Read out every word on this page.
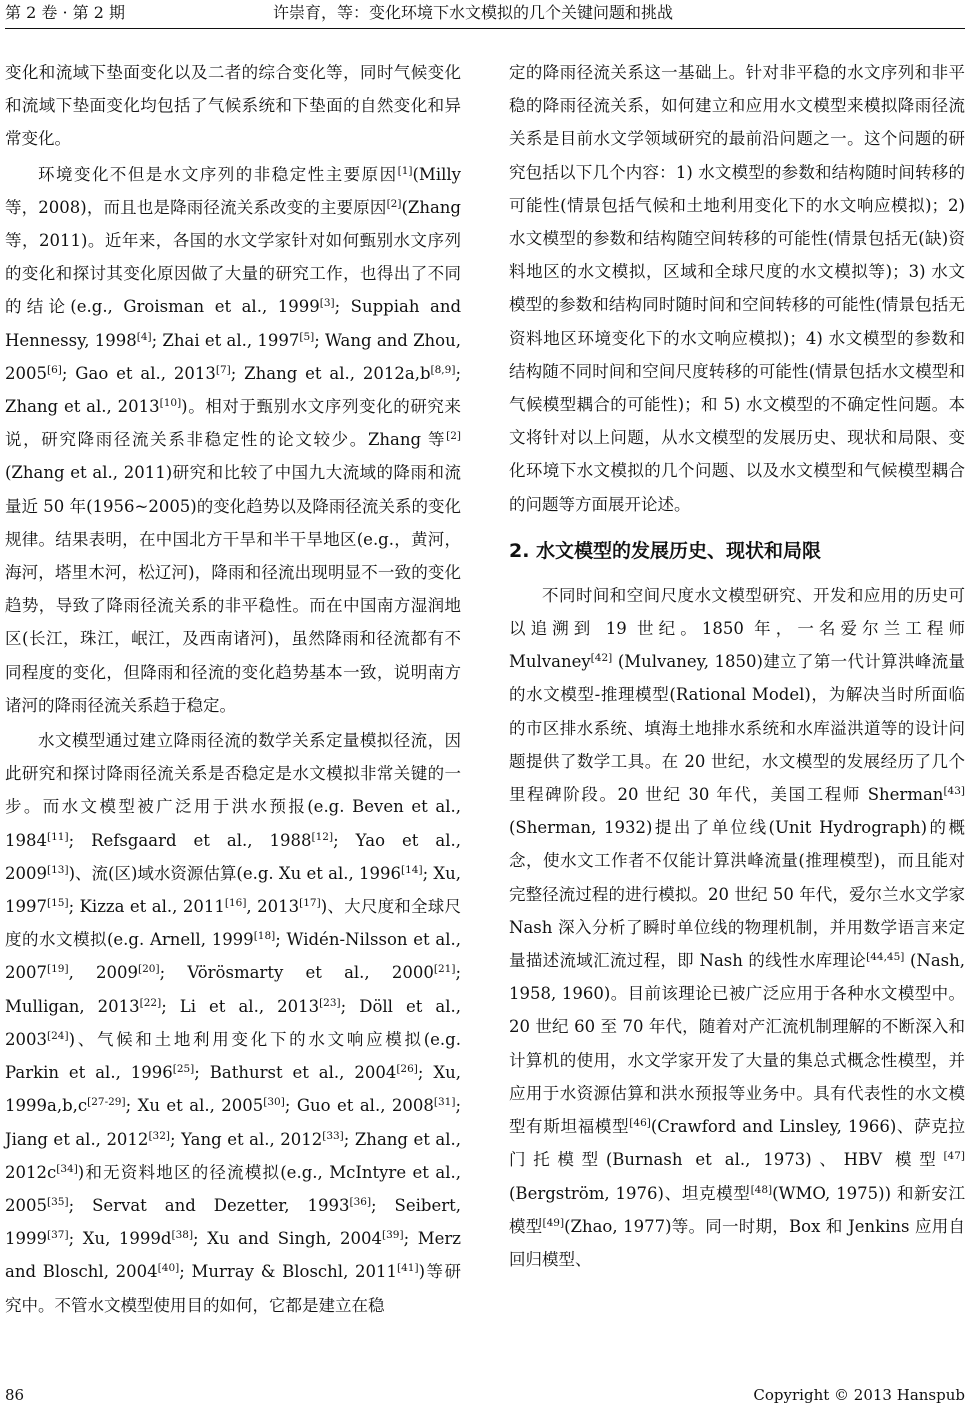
第 2 卷 · 第 2 期	许崇育，等：变化环境下水文模拟的几个关键问题和挑战

变化和流域下垫面变化以及二者的综合变化等，同时气候变化和流域下垫面变化均包括了气候系统和下垫面的自然变化和异常变化。

环境变化不但是水文序列的非稳定性主要原因[1](Milly 等，2008)，而且也是降雨径流关系改变的主要原因[2](Zhang 等，2011)。近年来，各国的水文学家针对如何甄别水文序列的变化和探讨其变化原因做了大量的研究工作，也得出了不同的结论(e.g., Groisman et al., 1999[3]; Suppiah and Hennessy, 1998[4]; Zhai et al., 1997[5]; Wang and Zhou, 2005[6]; Gao et al., 2013[7]; Zhang et al., 2012a,b[8,9]; Zhang et al., 2013[10])。相对于甄别水文序列变化的研究来说，研究降雨径流关系非稳定性的论文较少。Zhang 等[2](Zhang et al., 2011)研究和比较了中国九大流域的降雨和流量近 50 年(1956~2005)的变化趋势以及降雨径流关系的变化规律。结果表明，在中国北方干旱和半干旱地区(e.g.，黄河，海河，塔里木河，松辽河)，降雨和径流出现明显不一致的变化趋势，导致了降雨径流关系的非平稳性。而在中国南方湿润地区(长江，珠江，岷江，及西南诸河)，虽然降雨和径流都有不同程度的变化，但降雨和径流的变化趋势基本一致，说明南方诸河的降雨径流关系趋于稳定。

水文模型通过建立降雨径流的数学关系定量模拟径流，因此研究和探讨降雨径流关系是否稳定是水文模拟非常关键的一步。而水文模型被广泛用于洪水预报(e.g. Beven et al., 1984[11]; Refsgaard et al., 1988[12]; Yao et al., 2009[13])、流(区)域水资源估算(e.g. Xu et al., 1996[14]; Xu, 1997[15]; Kizza et al., 2011[16], 2013[17])、大尺度和全球尺度的水文模拟(e.g. Arnell, 1999[18]; Widén-Nilsson et al., 2007[19], 2009[20]; Vörösmarty et al., 2000[21]; Mulligan, 2013[22]; Li et al., 2013[23]; Döll et al., 2003[24])、气候和土地利用变化下的水文响应模拟(e.g. Parkin et al., 1996[25]; Bathurst et al., 2004[26]; Xu, 1999a,b,c[27-29]; Xu et al., 2005[30]; Guo et al., 2008[31]; Jiang et al., 2012[32]; Yang et al., 2012[33]; Zhang et al., 2012c[34])和无资料地区的径流模拟(e.g., McIntyre et al., 2005[35]; Servat and Dezetter, 1993[36]; Seibert, 1999[37]; Xu, 1999d[38]; Xu and Singh, 2004[39]; Merz and Bloschl, 2004[40]; Murray & Bloschl, 2011[41])等研究中。不管水文模型使用目的如何，它都是建立在稳

定的降雨径流关系这一基础上。针对非平稳的水文序列和非平稳的降雨径流关系，如何建立和应用水文模型来模拟降雨径流关系是目前水文学领域研究的最前沿问题之一。这个问题的研究包括以下几个内容：1) 水文模型的参数和结构随时间转移的可能性(情景包括气候和土地利用变化下的水文响应模拟)；2) 水文模型的参数和结构随空间转移的可能性(情景包括无(缺)资料地区的水文模拟，区域和全球尺度的水文模拟等)；3) 水文模型的参数和结构同时随时间和空间转移的可能性(情景包括无资料地区环境变化下的水文响应模拟)；4) 水文模型的参数和结构随不同时间和空间尺度转移的可能性(情景包括水文模型和气候模型耦合的可能性)；和 5) 水文模型的不确定性问题。本文将针对以上问题，从水文模型的发展历史、现状和局限、变化环境下水文模拟的几个问题、以及水文模型和气候模型耦合的问题等方面展开论述。

2. 水文模型的发展历史、现状和局限

不同时间和空间尺度水文模型研究、开发和应用的历史可以追溯到 19 世纪。1850 年，一名爱尔兰工程师 Mulvaney[42] (Mulvaney, 1850)建立了第一代计算洪峰流量的水文模型-推理模型(Rational Model)，为解决当时所面临的市区排水系统、填海土地排水系统和水库溢洪道等的设计问题提供了数学工具。在 20 世纪，水文模型的发展经历了几个里程碑阶段。20 世纪 30 年代，美国工程师 Sherman[43](Sherman, 1932)提出了单位线(Unit Hydrograph)的概念，使水文工作者不仅能计算洪峰流量(推理模型)，而且能对完整径流过程的进行模拟。20 世纪 50 年代，爱尔兰水文学家 Nash 深入分析了瞬时单位线的物理机制，并用数学语言来定量描述流域汇流过程，即 Nash 的线性水库理论[44,45] (Nash, 1958, 1960)。目前该理论已被广泛应用于各种水文模型中。20 世纪 60 至 70 年代，随着对产汇流机制理解的不断深入和计算机的使用，水文学家开发了大量的集总式概念性模型，并应用于水资源估算和洪水预报等业务中。具有代表性的水文模型有斯坦福模型[46](Crawford and Linsley, 1966)、萨克拉门托模型(Burnash et al., 1973)、HBV 模型[47](Bergström, 1976)、坦克模型[48](WMO, 1975)) 和新安江模型[49](Zhao, 1977)等。同一时期，Box 和 Jenkins 应用自回归模型、

86	Copyright © 2013 Hanspub
